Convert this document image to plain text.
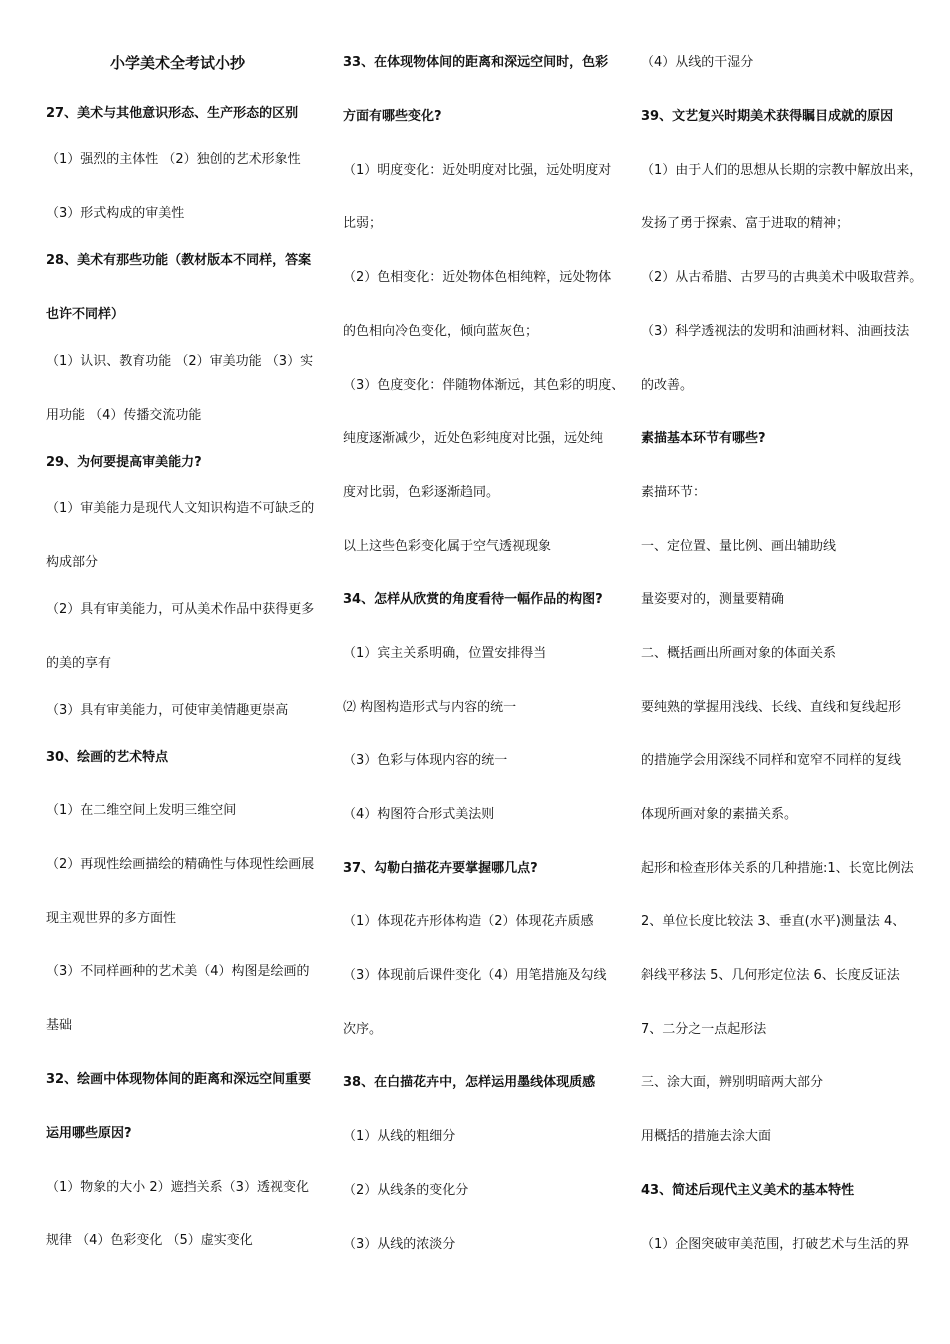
小学美术全考试小抄
27、美术与其他意识形态、生产形态的区别
（1）强烈的主体性 （2）独创的艺术形象性
（3）形式构成的审美性
28、美术有那些功能（教材版本不同样，答案
也许不同样）
（1）认识、教育功能 （2）审美功能 （3）实
用功能 （4）传播交流功能
29、为何要提高审美能力?
（1）审美能力是现代人文知识构造不可缺乏的
构成部分
（2）具有审美能力，可从美术作品中获得更多
的美的享有
（3）具有审美能力，可使审美情趣更崇高
30、绘画的艺术特点
（1）在二维空间上发明三维空间
（2）再现性绘画描绘的精确性与体现性绘画展
现主观世界的多方面性
（3）不同样画种的艺术美（4）构图是绘画的
基础
32、绘画中体现物体间的距离和深远空间重要
运用哪些原因?
（1）物象的大小 2）遮挡关系（3）透视变化
规律 （4）色彩变化 （5）虚实变化
33、在体现物体间的距离和深远空间时，色彩
方面有哪些变化?
（1）明度变化：近处明度对比强，远处明度对
比弱；
（2）色相变化：近处物体色相纯粹，远处物体
的色相向冷色变化，倾向蓝灰色；
（3）色度变化：伴随物体渐远，其色彩的明度、
纯度逐渐减少，近处色彩纯度对比强，远处纯
度对比弱，色彩逐渐趋同。
以上这些色彩变化属于空气透视现象
34、怎样从欣赏的角度看待一幅作品的构图?
（1）宾主关系明确，位置安排得当
⑵ 构图构造形式与内容的统一
（3）色彩与体现内容的统一
（4）构图符合形式美法则
37、勾勒白描花卉要掌握哪几点?
（1）体现花卉形体构造（2）体现花卉质感
（3）体现前后课件变化（4）用笔措施及勾线
次序。
38、在白描花卉中，怎样运用墨线体现质感
（1）从线的粗细分
（2）从线条的变化分
（3）从线的浓淡分
（4）从线的干湿分
39、文艺复兴时期美术获得瞩目成就的原因
（1）由于人们的思想从长期的宗教中解放出来，
发扬了勇于探索、富于进取的精神；
（2）从古希腊、古罗马的古典美术中吸取营养。
（3）科学透视法的发明和油画材料、油画技法
的改善。
素描基本环节有哪些?
素描环节：
一、定位置、量比例、画出辅助线
量姿要对的，测量要精确
二、概括画出所画对象的体面关系
要纯熟的掌握用浅线、长线、直线和复线起形
的措施学会用深线不同样和宽窄不同样的复线
体现所画对象的素描关系。
起形和检查形体关系的几种措施:1、长宽比例法
2、单位长度比较法 3、垂直(水平)测量法 4、
斜线平移法 5、几何形定位法 6、长度反证法
7、二分之一点起形法
三、涂大面，辨别明暗两大部分
用概括的措施去涂大面
43、简述后现代主义美术的基本特性
（1）企图突破审美范围，打破艺术与生活的界
